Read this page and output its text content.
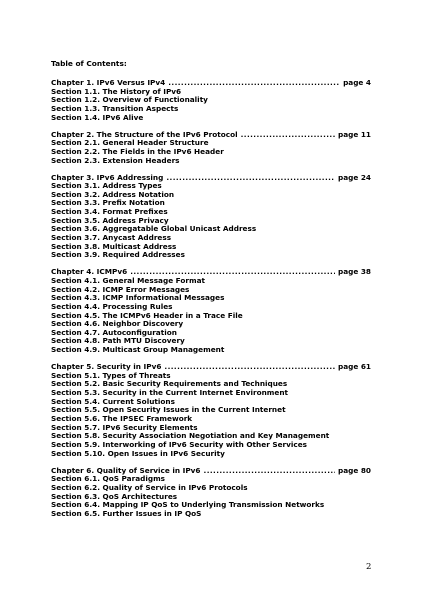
Table of Contents:
Chapter 1. IPv6 Versus IPv4 .....	page 4
Section 1.1. The History of IPv6
Section 1.2. Overview of Functionality
Section 1.3. Transition Aspects
Section 1.4. IPv6 Alive
Chapter 2. The Structure of the IPv6 Protocol .....	page 11
Section 2.1. General Header Structure
Section 2.2. The Fields in the IPv6 Header
Section 2.3. Extension Headers
Chapter 3. IPv6 Addressing .....	page 24
Section 3.1. Address Types
Section 3.2. Address Notation
Section 3.3. Prefix Notation
Section 3.4. Format Prefixes
Section 3.5. Address Privacy
Section 3.6. Aggregatable Global Unicast Address
Section 3.7. Anycast Address
Section 3.8. Multicast Address
Section 3.9. Required Addresses
Chapter 4. ICMPv6 .....	page 38
Section 4.1. General Message Format
Section 4.2. ICMP Error Messages
Section 4.3. ICMP Informational Messages
Section 4.4. Processing Rules
Section 4.5. The ICMPv6 Header in a Trace File
Section 4.6. Neighbor Discovery
Section 4.7. Autoconfiguration
Section 4.8. Path MTU Discovery
Section 4.9. Multicast Group Management
Chapter 5. Security in IPv6 .....	page 61
Section 5.1. Types of Threats
Section 5.2. Basic Security Requirements and Techniques
Section 5.3. Security in the Current Internet Environment
Section 5.4. Current Solutions
Section 5.5. Open Security Issues in the Current Internet
Section 5.6. The IPSEC Framework
Section 5.7. IPv6 Security Elements
Section 5.8. Security Association Negotiation and Key Management
Section 5.9. Interworking of IPv6 Security with Other Services
Section 5.10. Open Issues in IPv6 Security
Chapter 6. Quality of Service in IPv6 .....	page 80
Section 6.1. QoS Paradigms
Section 6.2. Quality of Service in IPv6 Protocols
Section 6.3. QoS Architectures
Section 6.4. Mapping IP QoS to Underlying Transmission Networks
Section 6.5. Further Issues in IP QoS
2
